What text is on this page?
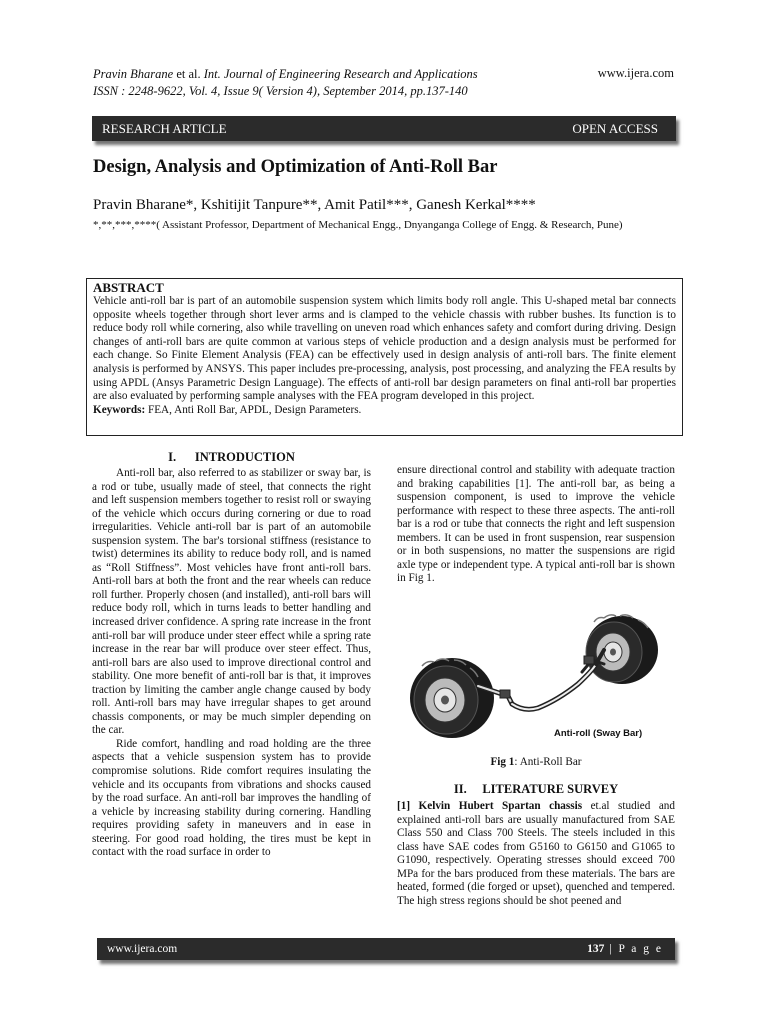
Pravin Bharane et al. Int. Journal of Engineering Research and Applications
ISSN : 2248-9622, Vol. 4, Issue 9( Version 4), September 2014, pp.137-140
www.ijera.com
RESEARCH ARTICLE	OPEN ACCESS
Design, Analysis and Optimization of Anti-Roll Bar
Pravin Bharane*, Kshitijit Tanpure**, Amit Patil***, Ganesh Kerkal****
*,**,***,****( Assistant Professor, Department of Mechanical Engg., Dnyanganga College of Engg. & Research, Pune)
ABSTRACT
Vehicle anti-roll bar is part of an automobile suspension system which limits body roll angle. This U-shaped metal bar connects opposite wheels together through short lever arms and is clamped to the vehicle chassis with rubber bushes. Its function is to reduce body roll while cornering, also while travelling on uneven road which enhances safety and comfort during driving. Design changes of anti-roll bars are quite common at various steps of vehicle production and a design analysis must be performed for each change. So Finite Element Analysis (FEA) can be effectively used in design analysis of anti-roll bars. The finite element analysis is performed by ANSYS. This paper includes pre-processing, analysis, post processing, and analyzing the FEA results by using APDL (Ansys Parametric Design Language). The effects of anti-roll bar design parameters on final anti-roll bar properties are also evaluated by performing sample analyses with the FEA program developed in this project.
Keywords: FEA, Anti Roll Bar, APDL, Design Parameters.
I.      INTRODUCTION

Anti-roll bar, also referred to as stabilizer or sway bar, is a rod or tube, usually made of steel, that connects the right and left suspension members together to resist roll or swaying of the vehicle which occurs during cornering or due to road irregularities. Vehicle anti-roll bar is part of an automobile suspension system. The bar's torsional stiffness (resistance to twist) determines its ability to reduce body roll, and is named as “Roll Stiffness”. Most vehicles have front anti-roll bars. Anti-roll bars at both the front and the rear wheels can reduce roll further. Properly chosen (and installed), anti-roll bars will reduce body roll, which in turns leads to better handling and increased driver confidence. A spring rate increase in the front anti-roll bar will produce under steer effect while a spring rate increase in the rear bar will produce over steer effect. Thus, anti-roll bars are also used to improve directional control and stability. One more benefit of anti-roll bar is that, it improves traction by limiting the camber angle change caused by body roll. Anti-roll bars may have irregular shapes to get around chassis components, or may be much simpler depending on the car.

Ride comfort, handling and road holding are the three aspects that a vehicle suspension system has to provide compromise solutions. Ride comfort requires insulating the vehicle and its occupants from vibrations and shocks caused by the road surface. An anti-roll bar improves the handling of a vehicle by increasing stability during cornering. Handling requires providing safety in maneuvers and in ease in steering. For good road holding, the tires must be kept in contact with the road surface in order to

ensure directional control and stability with adequate traction and braking capabilities [1]. The anti-roll bar, as being a suspension component, is used to improve the vehicle performance with respect to these three aspects. The anti-roll bar is a rod or tube that connects the right and left suspension members. It can be used in front suspension, rear suspension or in both suspensions, no matter the suspensions are rigid axle type or independent type. A typical anti-roll bar is shown in Fig 1.

Anti-roll (Sway Bar)
Fig 1: Anti-Roll Bar
II.     LITERATURE SURVEY

[1] Kelvin Hubert Spartan chassis et.al studied and explained anti-roll bars are usually manufactured from SAE Class 550 and Class 700 Steels. The steels included in this class have SAE codes from G5160 to G6150 and G1065 to G1090, respectively. Operating stresses should exceed 700 MPa for the bars produced from these materials. The bars are heated, formed (die forged or upset), quenched and tempered. The high stress regions should be shot peened and

www.ijera.com	137 | P a g e
